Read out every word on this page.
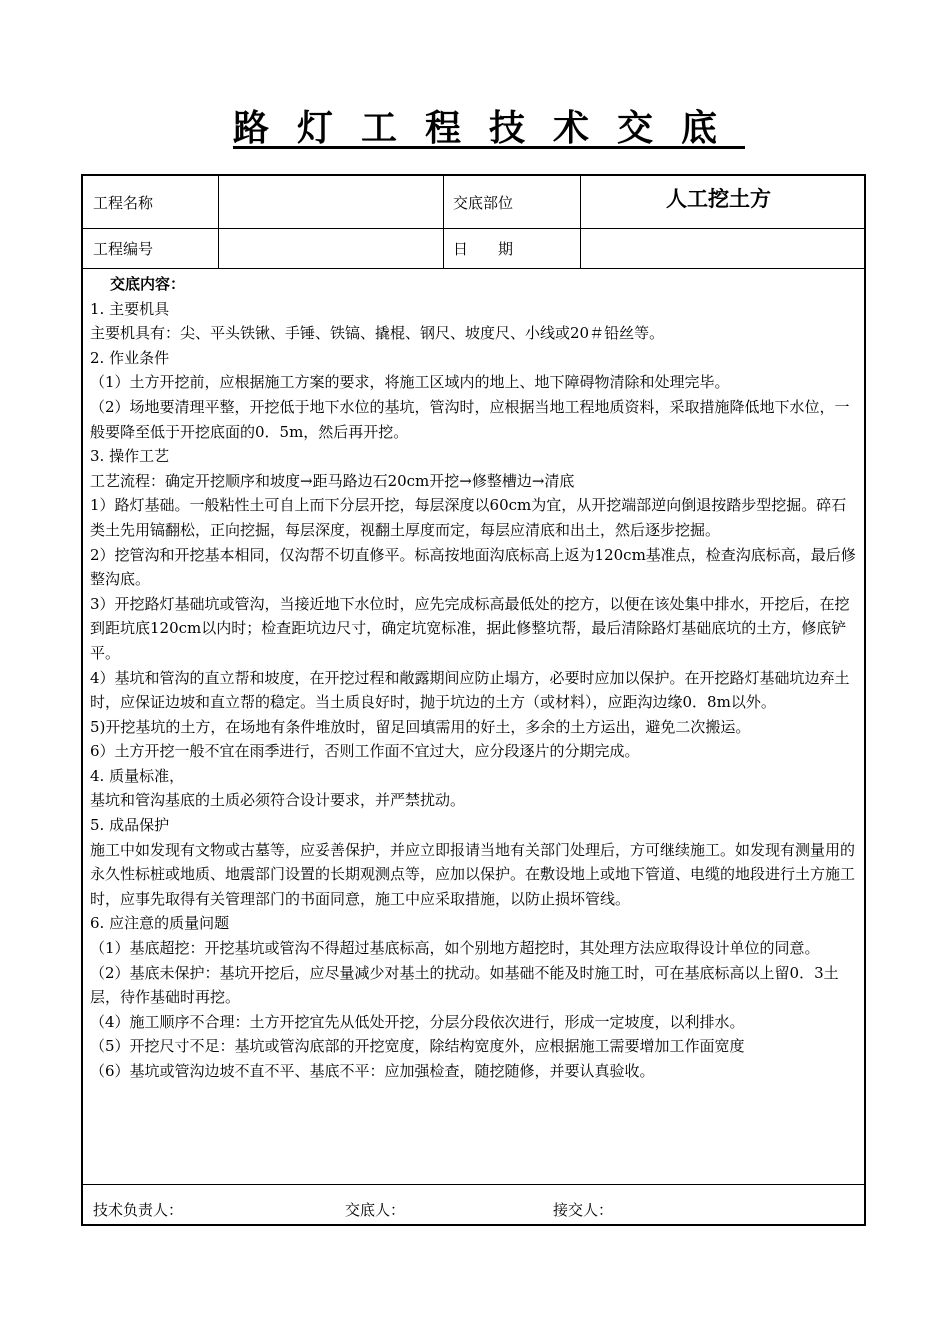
路灯工程技术交底
工程名称	交底部位	人工挖土方
工程编号	日　　期

交底内容：

1. 主要机具

主要机具有：尖、平头铁锹、手锤、铁镐、撬棍、钢尺、坡度尺、小线或20＃铅丝等。

2. 作业条件

（1）土方开挖前，应根据施工方案的要求，将施工区域内的地上、地下障碍物清除和处理完毕。

（2）场地要清理平整，开挖低于地下水位的基坑，管沟时，应根据当地工程地质资料，采取措施降低地下水位，一般要降至低于开挖底面的0．5m，然后再开挖。

3. 操作工艺

工艺流程：确定开挖顺序和坡度→距马路边石20cm开挖→修整槽边→清底

1）路灯基础。一般粘性土可自上而下分层开挖，每层深度以60cm为宜，从开挖端部逆向倒退按踏步型挖掘。碎石类土先用镐翻松，正向挖掘，每层深度，视翻土厚度而定，每层应清底和出土，然后逐步挖掘。

2）挖管沟和开挖基本相同，仅沟帮不切直修平。标高按地面沟底标高上返为120cm基准点，检查沟底标高，最后修整沟底。

3）开挖路灯基础坑或管沟，当接近地下水位时，应先完成标高最低处的挖方，以便在该处集中排水，开挖后，在挖到距坑底120cm以内时；检查距坑边尺寸，确定坑宽标准，据此修整坑帮，最后清除路灯基础底坑的土方，修底铲平。

4）基坑和管沟的直立帮和坡度，在开挖过程和敞露期间应防止塌方，必要时应加以保护。在开挖路灯基础坑边弃土时，应保证边坡和直立帮的稳定。当土质良好时，抛于坑边的土方（或材料），应距沟边缘0．8m以外。

5)开挖基坑的土方，在场地有条件堆放时，留足回填需用的好土，多余的土方运出，避免二次搬运。

6）土方开挖一般不宜在雨季进行，否则工作面不宜过大，应分段逐片的分期完成。

4. 质量标准，

基坑和管沟基底的土质必须符合设计要求，并严禁扰动。

5. 成品保护

施工中如发现有文物或古墓等，应妥善保护，并应立即报请当地有关部门处理后，方可继续施工。如发现有测量用的永久性标桩或地质、地震部门设置的长期观测点等，应加以保护。在敷设地上或地下管道、电缆的地段进行土方施工时，应事先取得有关管理部门的书面同意，施工中应采取措施，以防止损坏管线。

6. 应注意的质量问题

（1）基底超挖：开挖基坑或管沟不得超过基底标高，如个别地方超挖时，其处理方法应取得设计单位的同意。

（2）基底未保护：基坑开挖后，应尽量减少对基土的扰动。如基础不能及时施工时，可在基底标高以上留0．3土层，待作基础时再挖。

（4）施工顺序不合理：土方开挖宜先从低处开挖，分层分段依次进行，形成一定坡度，以利排水。

（5）开挖尺寸不足：基坑或管沟底部的开挖宽度，除结构宽度外，应根据施工需要增加工作面宽度

（6）基坑或管沟边坡不直不平、基底不平：应加强检查，随挖随修，并要认真验收。

技术负责人：	交底人：	接交人：
